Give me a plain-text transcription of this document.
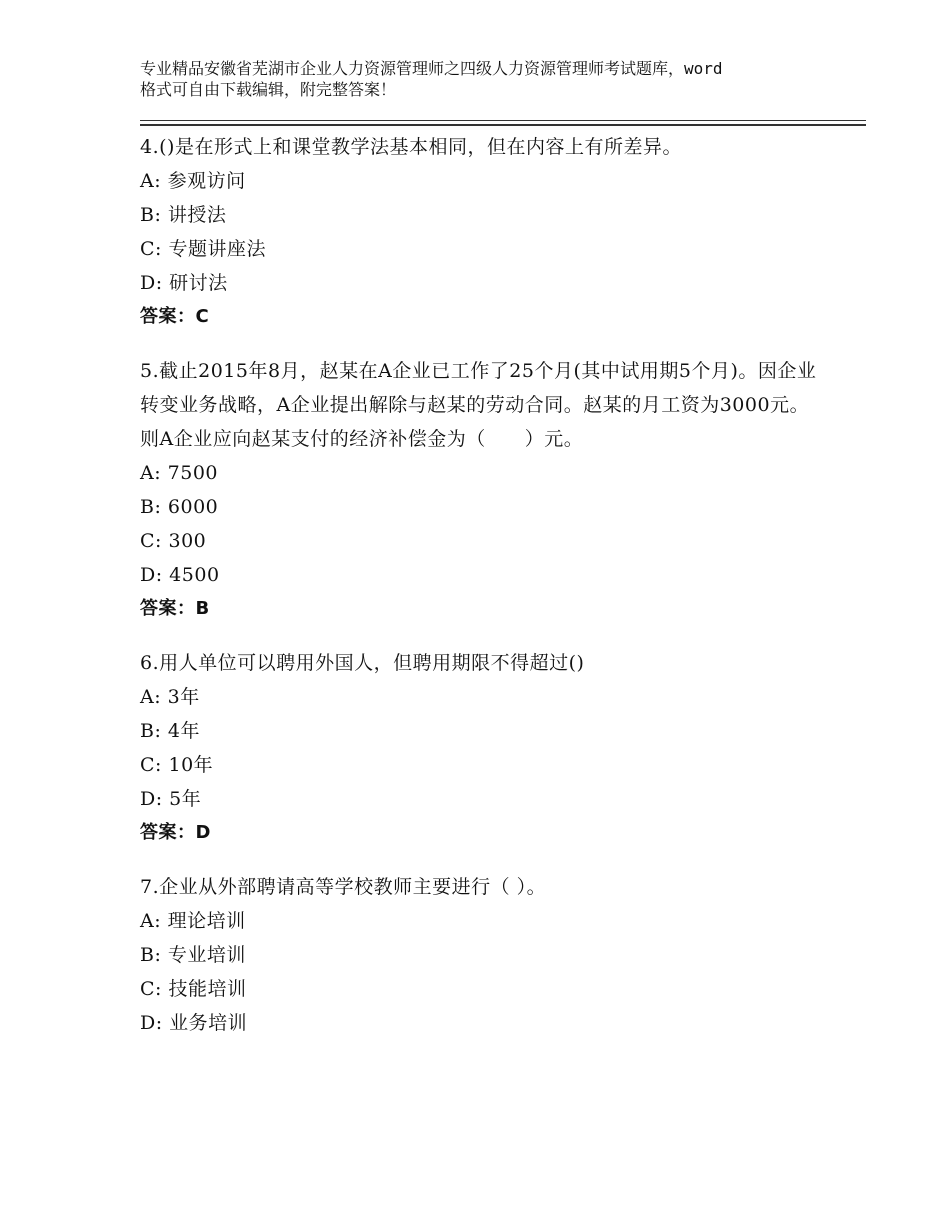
专业精品安徽省芜湖市企业人力资源管理师之四级人力资源管理师考试题库，word
格式可自由下载编辑，附完整答案！
4.()是在形式上和课堂教学法基本相同，但在内容上有所差异。
A: 参观访问
B: 讲授法
C: 专题讲座法
D: 研讨法
答案：C
5.截止2015年8月，赵某在A企业已工作了25个月(其中试用期5个月)。因企业转变业务战略，A企业提出解除与赵某的劳动合同。赵某的月工资为3000元。则A企业应向赵某支付的经济补偿金为（　　）元。
A: 7500
B: 6000
C: 300
D: 4500
答案：B
6.用人单位可以聘用外国人，但聘用期限不得超过()
A: 3年
B: 4年
C: 10年
D: 5年
答案：D
7.企业从外部聘请高等学校教师主要进行（ ）。
A: 理论培训
B: 专业培训
C: 技能培训
D: 业务培训
